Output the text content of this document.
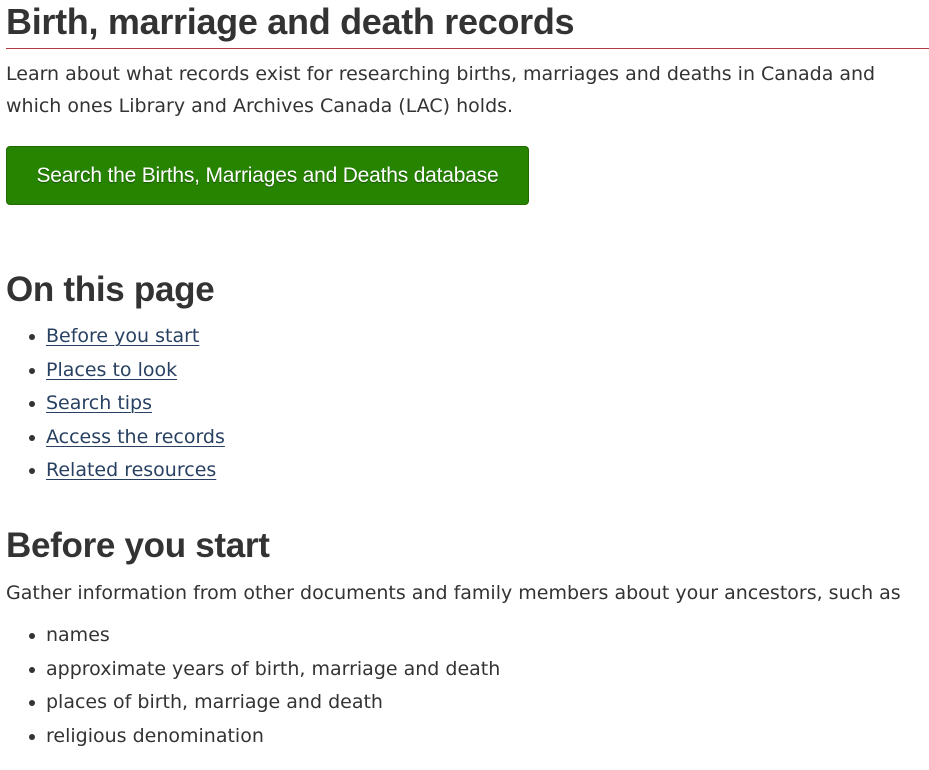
Birth, marriage and death records

Learn about what records exist for researching births, marriages and deaths in Canada and which ones Library and Archives Canada (LAC) holds.

Search the Births, Marriages and Deaths database
On this page
Before you start
Places to look
Search tips
Access the records
Related resources
Before you start

Gather information from other documents and family members about your ancestors, such as

names
approximate years of birth, marriage and death
places of birth, marriage and death
religious denomination
